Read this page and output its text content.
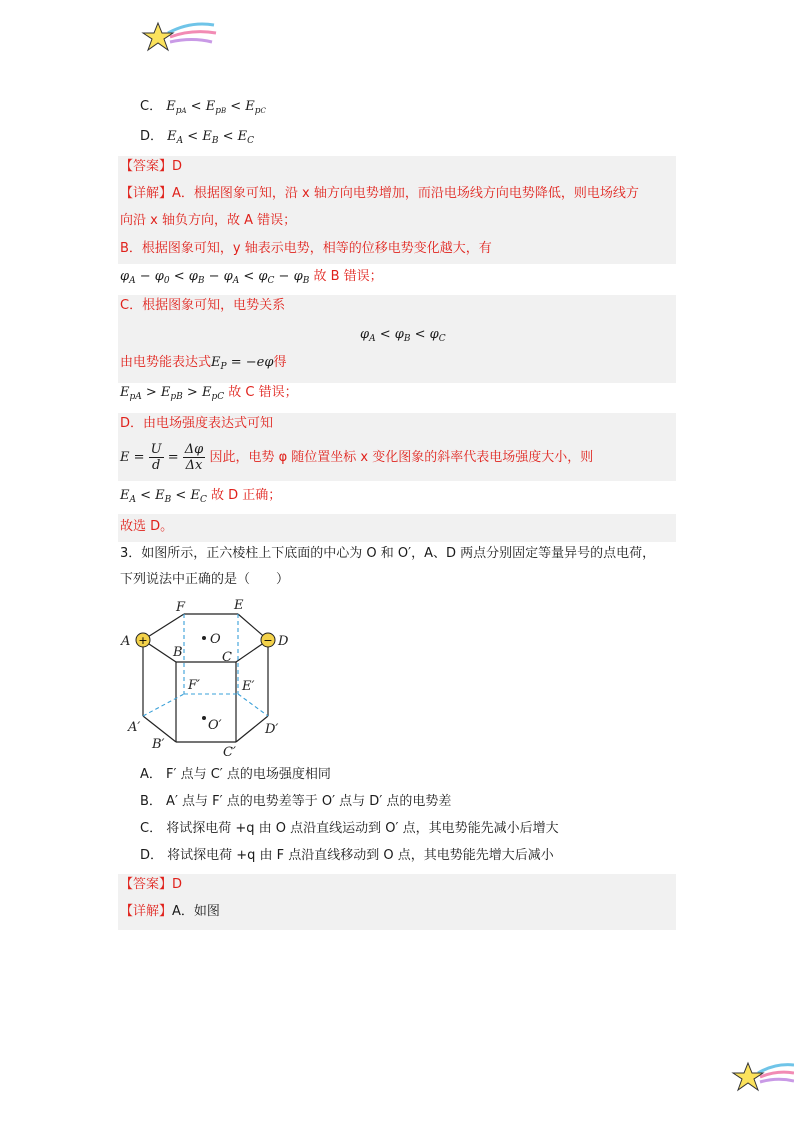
C． $E_{pA} < E_{pB} < E_{pC}$
D． $E_A < E_B < E_C$
【答案】D
【详解】A．根据图象可知，沿 x 轴方向电势增加，而沿电场线方向电势降低，则电场线方
向沿 x 轴负方向，故 A 错误；
B．根据图象可知，y 轴表示电势，相等的位移电势变化越大，有
$\varphi_A - \varphi_0 < \varphi_B - \varphi_A < \varphi_C - \varphi_B$ 故 B 错误；
C．根据图象可知，电势关系
$\varphi_A < \varphi_B < \varphi_C$
由电势能表达式$E_P = -e\varphi$得
$E_{pA} > E_{pB} > E_{pC}$ 故 C 错误；
D．由电场强度表达式可知
$E = \frac{U}{d} = \frac{\Delta\varphi}{\Delta x}$ 因此，电势 φ 随位置坐标 x 变化图象的斜率代表电场强度大小，则
$E_A < E_B < E_C$ 故 D 正确；
故选 D。
3．如图所示，正六棱柱上下底面的中心为 O 和 O′，A、D 两点分别固定等量异号的点电荷，
下列说法中正确的是（　　）
+	−
A
F	E
D
B	C
O
F′	E′
A′
B′
O′
C′
D′
A． F′ 点与 C′ 点的电场强度相同
B． A′ 点与 F′ 点的电势差等于 O′ 点与 D′ 点的电势差
C． 将试探电荷 +q 由 O 点沿直线运动到 O′ 点，其电势能先减小后增大
D． 将试探电荷 +q 由 F 点沿直线移动到 O 点，其电势能先增大后减小
【答案】D
【详解】A．如图
